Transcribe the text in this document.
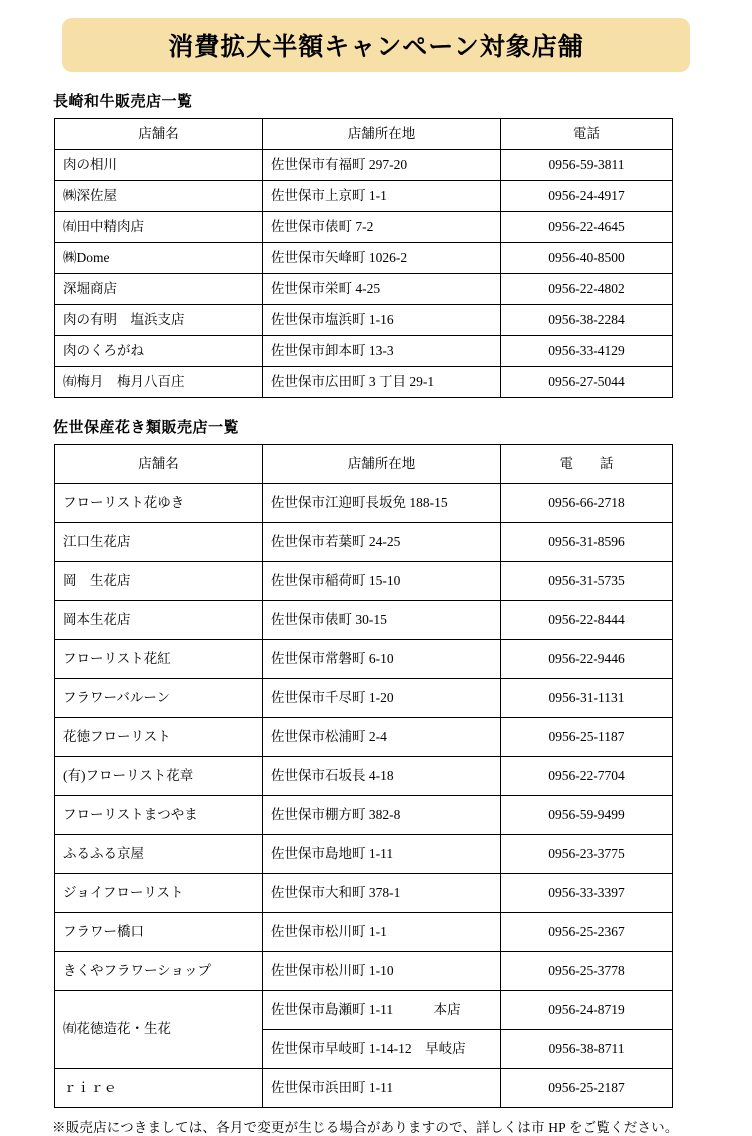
消費拡大半額キャンペーン対象店舗
長崎和牛販売店一覧
店舗名	店舗所在地	電話
肉の相川	佐世保市有福町 297-20	0956-59-3811
㈱深佐屋	佐世保市上京町 1-1	0956-24-4917
㈲田中精肉店	佐世保市俵町 7-2	0956-22-4645
㈱Dome	佐世保市矢峰町 1026-2	0956-40-8500
深堀商店	佐世保市栄町 4-25	0956-22-4802
肉の有明　塩浜支店	佐世保市塩浜町 1-16	0956-38-2284
肉のくろがね	佐世保市卸本町 13-3	0956-33-4129
㈲梅月　梅月八百庄	佐世保市広田町 3 丁目 29-1	0956-27-5044
佐世保産花き類販売店一覧
店舗名	店舗所在地	電　　話
フローリスト花ゆき	佐世保市江迎町長坂免 188-15	0956-66-2718
江口生花店	佐世保市若葉町 24-25	0956-31-8596
岡　生花店	佐世保市稲荷町 15-10	0956-31-5735
岡本生花店	佐世保市俵町 30-15	0956-22-8444
フローリスト花紅	佐世保市常磐町 6-10	0956-22-9446
フラワーバルーン	佐世保市千尽町 1-20	0956-31-1131
花徳フローリスト	佐世保市松浦町 2-4	0956-25-1187
(有)フローリスト花章	佐世保市石坂長 4-18	0956-22-7704
フローリストまつやま	佐世保市棚方町 382-8	0956-59-9499
ふるふる京屋	佐世保市島地町 1-11	0956-23-3775
ジョイフローリスト	佐世保市大和町 378-1	0956-33-3397
フラワー橋口	佐世保市松川町 1-1	0956-25-2367
きくやフラワーショップ	佐世保市松川町 1-10	0956-25-3778
㈲花徳造花・生花	佐世保市島瀬町 1-11　　　本店	0956-24-8719
	佐世保市早岐町 1-14-12　早岐店	0956-38-8711
ｒｉｒｅ	佐世保市浜田町 1-11	0956-25-2187
※販売店につきましては、各月で変更が生じる場合がありますので、詳しくは市 HP をご覧ください。
